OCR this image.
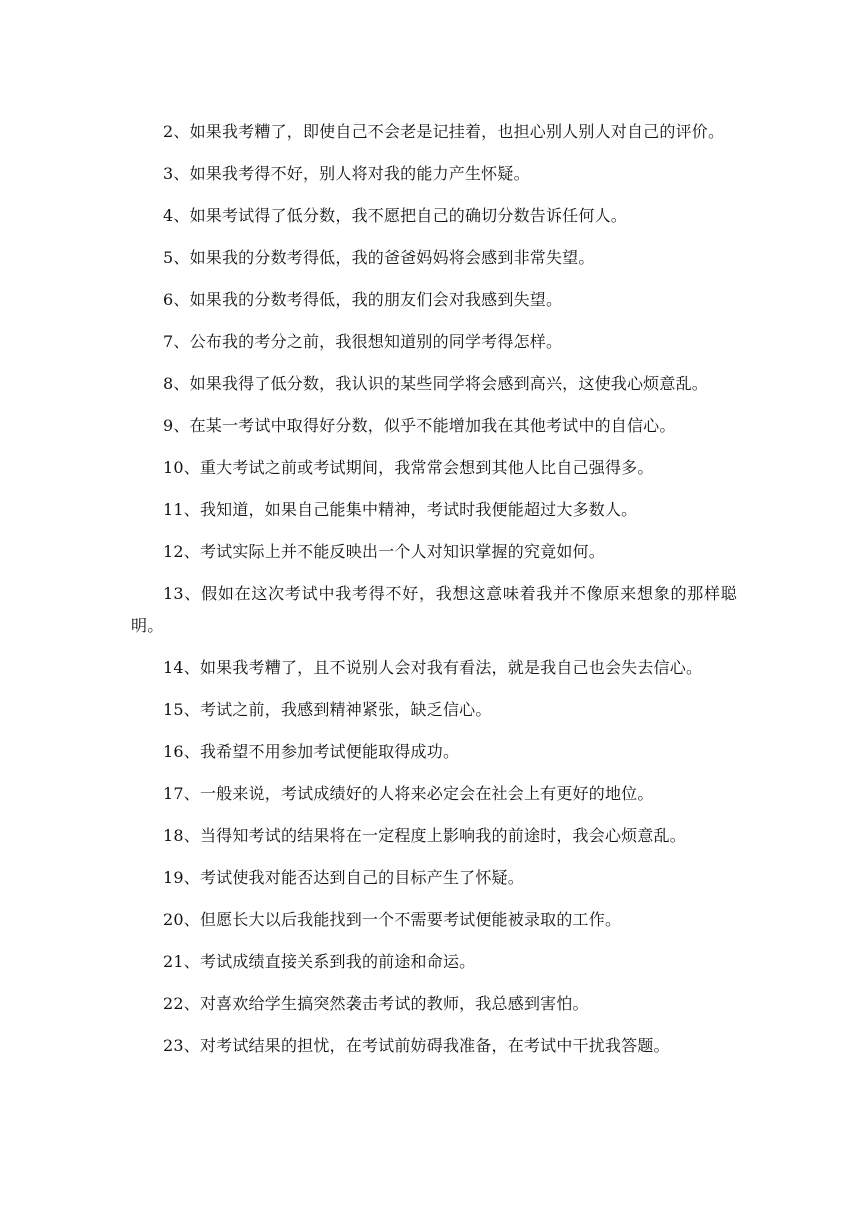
2、如果我考糟了，即使自己不会老是记挂着，也担心别人别人对自己的评价。

3、如果我考得不好，别人将对我的能力产生怀疑。

4、如果考试得了低分数，我不愿把自己的确切分数告诉任何人。

5、如果我的分数考得低，我的爸爸妈妈将会感到非常失望。

6、如果我的分数考得低，我的朋友们会对我感到失望。

7、公布我的考分之前，我很想知道别的同学考得怎样。

8、如果我得了低分数，我认识的某些同学将会感到高兴，这使我心烦意乱。

9、在某一考试中取得好分数，似乎不能增加我在其他考试中的自信心。

10、重大考试之前或考试期间，我常常会想到其他人比自己强得多。

11、我知道，如果自己能集中精神，考试时我便能超过大多数人。

12、考试实际上并不能反映出一个人对知识掌握的究竟如何。

13、假如在这次考试中我考得不好，我想这意味着我并不像原来想象的那样聪明。

14、如果我考糟了，且不说别人会对我有看法，就是我自己也会失去信心。

15、考试之前，我感到精神紧张，缺乏信心。

16、我希望不用参加考试便能取得成功。

17、一般来说，考试成绩好的人将来必定会在社会上有更好的地位。

18、当得知考试的结果将在一定程度上影响我的前途时，我会心烦意乱。

19、考试使我对能否达到自己的目标产生了怀疑。

20、但愿长大以后我能找到一个不需要考试便能被录取的工作。

21、考试成绩直接关系到我的前途和命运。

22、对喜欢给学生搞突然袭击考试的教师，我总感到害怕。

23、对考试结果的担忧，在考试前妨碍我准备，在考试中干扰我答题。
